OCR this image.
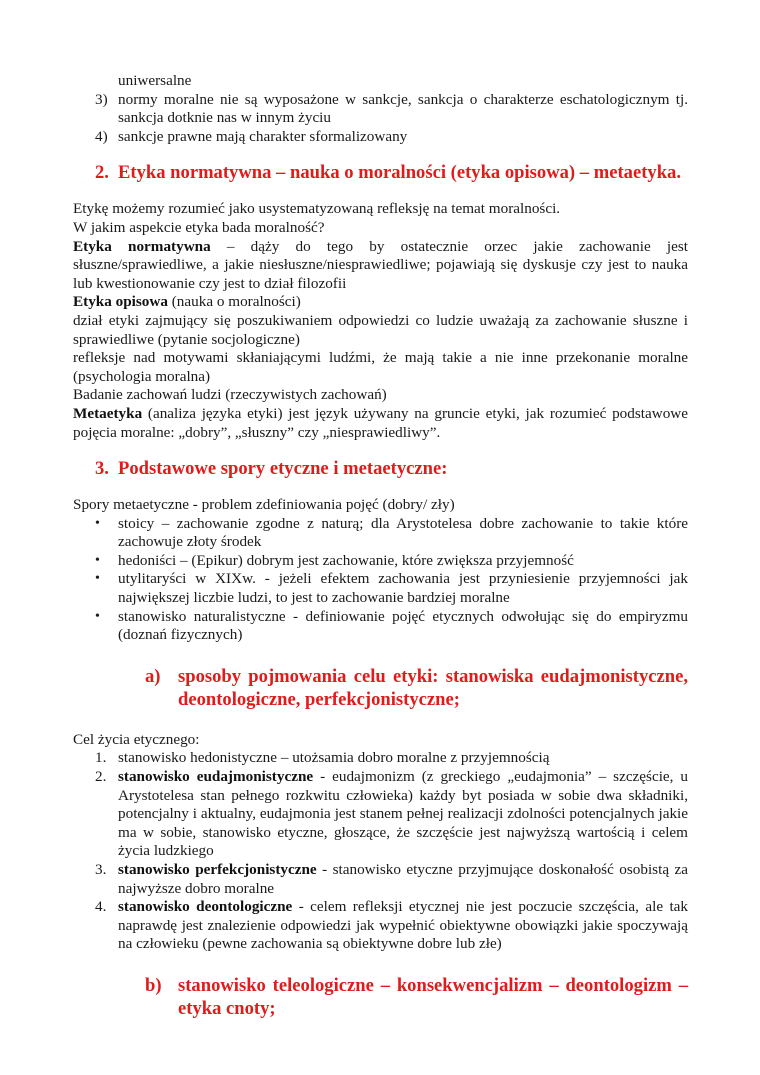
uniwersalne

3) normy moralne nie są wyposażone w sankcje, sankcja o charakterze eschatologicznym tj. sankcja dotknie nas w innym życiu
4) sankcje prawne mają charakter sformalizowany
2. Etyka normatywna – nauka o moralności (etyka opisowa) – metaetyka.

Etykę możemy rozumieć jako usystematyzowaną refleksję na temat moralności.

W jakim aspekcie etyka bada moralność?

Etyka normatywna – dąży do tego by ostatecznie orzec jakie zachowanie jest słuszne/sprawiedliwe, a jakie niesłuszne/niesprawiedliwe; pojawiają się dyskusje czy jest to nauka lub kwestionowanie czy jest to dział filozofii

Etyka opisowa (nauka o moralności)

dział etyki zajmujący się poszukiwaniem odpowiedzi co ludzie uważają za zachowanie słuszne i sprawiedliwe (pytanie socjologiczne)

refleksje nad motywami skłaniającymi ludźmi, że mają takie a nie inne przekonanie moralne (psychologia moralna)

Badanie zachowań ludzi (rzeczywistych zachowań)

Metaetyka (analiza języka etyki) jest język używany na gruncie etyki, jak rozumieć podstawowe pojęcia moralne: „dobry”, „słuszny” czy „niesprawiedliwy”.

3. Podstawowe spory etyczne i metaetyczne:

Spory metaetyczne - problem zdefiniowania pojęć (dobry/ zły)

• stoicy – zachowanie zgodne z naturą; dla Arystotelesa dobre zachowanie to takie które zachowuje złoty środek
• hedoniści – (Epikur) dobrym jest zachowanie, które zwiększa przyjemność
• utylitaryści w XIXw. - jeżeli efektem zachowania jest przyniesienie przyjemności jak największej liczbie ludzi, to jest to zachowanie bardziej moralne
• stanowisko naturalistyczne - definiowanie pojęć etycznych odwołując się do empiryzmu (doznań fizycznych)
a) sposoby pojmowania celu etyki: stanowiska eudajmonistyczne, deontologiczne, perfekcjonistyczne;

Cel życia etycznego:

1. stanowisko hedonistyczne – utożsamia dobro moralne z przyjemnością
2. stanowisko eudajmonistyczne - eudajmonizm (z greckiego „eudajmonia” – szczęście, u Arystotelesa stan pełnego rozkwitu człowieka) każdy byt posiada w sobie dwa składniki, potencjalny i aktualny, eudajmonia jest stanem pełnej realizacji zdolności potencjalnych jakie ma w sobie, stanowisko etyczne, głoszące, że szczęście jest najwyższą wartością i celem życia ludzkiego
3. stanowisko perfekcjonistyczne - stanowisko etyczne przyjmujące doskonałość osobistą za najwyższe dobro moralne
4. stanowisko deontologiczne - celem refleksji etycznej nie jest poczucie szczęścia, ale tak naprawdę jest znalezienie odpowiedzi jak wypełnić obiektywne obowiązki jakie spoczywają na człowieku (pewne zachowania są obiektywne dobre lub złe)
b) stanowisko teleologiczne – konsekwencjalizm – deontologizm – etyka cnoty;
